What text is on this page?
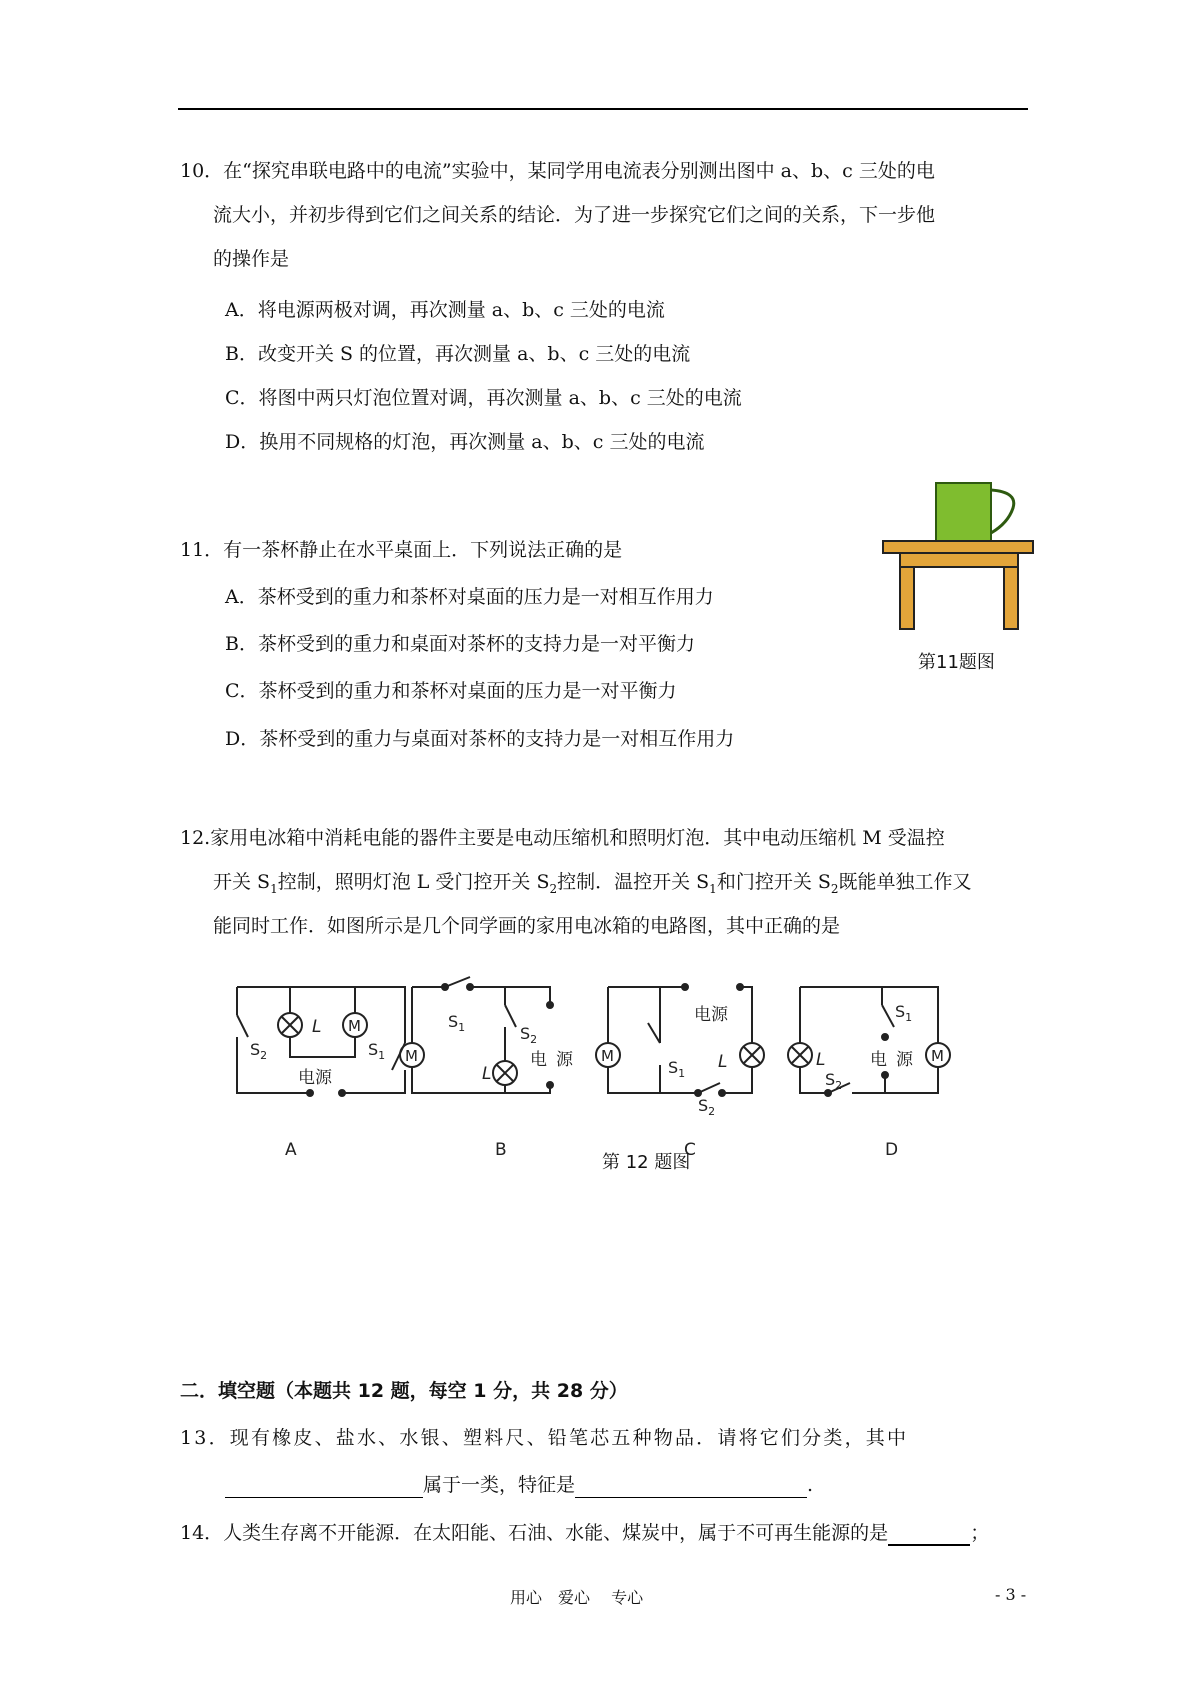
10．在“探究串联电路中的电流”实验中，某同学用电流表分别测出图中 a、b、c 三处的电
流大小，并初步得到它们之间关系的结论．为了进一步探究它们之间的关系，下一步他
的操作是
A．将电源两极对调，再次测量 a、b、c 三处的电流
B．改变开关 S 的位置，再次测量 a、b、c 三处的电流
C．将图中两只灯泡位置对调，再次测量 a、b、c 三处的电流
D．换用不同规格的灯泡，再次测量 a、b、c 三处的电流
11．有一茶杯静止在水平桌面上．下列说法正确的是
A．茶杯受到的重力和茶杯对桌面的压力是一对相互作用力
B．茶杯受到的重力和桌面对茶杯的支持力是一对平衡力
C．茶杯受到的重力和茶杯对桌面的压力是一对平衡力
D．茶杯受到的重力与桌面对茶杯的支持力是一对相互作用力
第11题图
12.家用电冰箱中消耗电能的器件主要是电动压缩机和照明灯泡．其中电动压缩机 M 受温控
开关 $S_1$控制，照明灯泡 L 受门控开关 $S_2$控制．温控开关 $S_1$和门控开关 $S_2$既能单独工作又
能同时工作．如图所示是几个同学画的家用电冰箱的电路图，其中正确的是
L M
$S_2$	$S_1$
电源
A
M
$S_1$	$S_2$
L
电 源
B
M
电源
$S_1$
L
$S_2$
C
L	M
$S_1$
电 源
$S_2$
D
第 12 题图
二．填空题（本题共 12 题，每空 1 分，共 28 分）
13．现有橡皮、盐水、水银、塑料尺、铅笔芯五种物品．请将它们分类，其中
属于一类，特征是	.
14．人类生存离不开能源．在太阳能、石油、水能、煤炭中，属于不可再生能源的是	；
用心　爱心　 专心	- 3 -
